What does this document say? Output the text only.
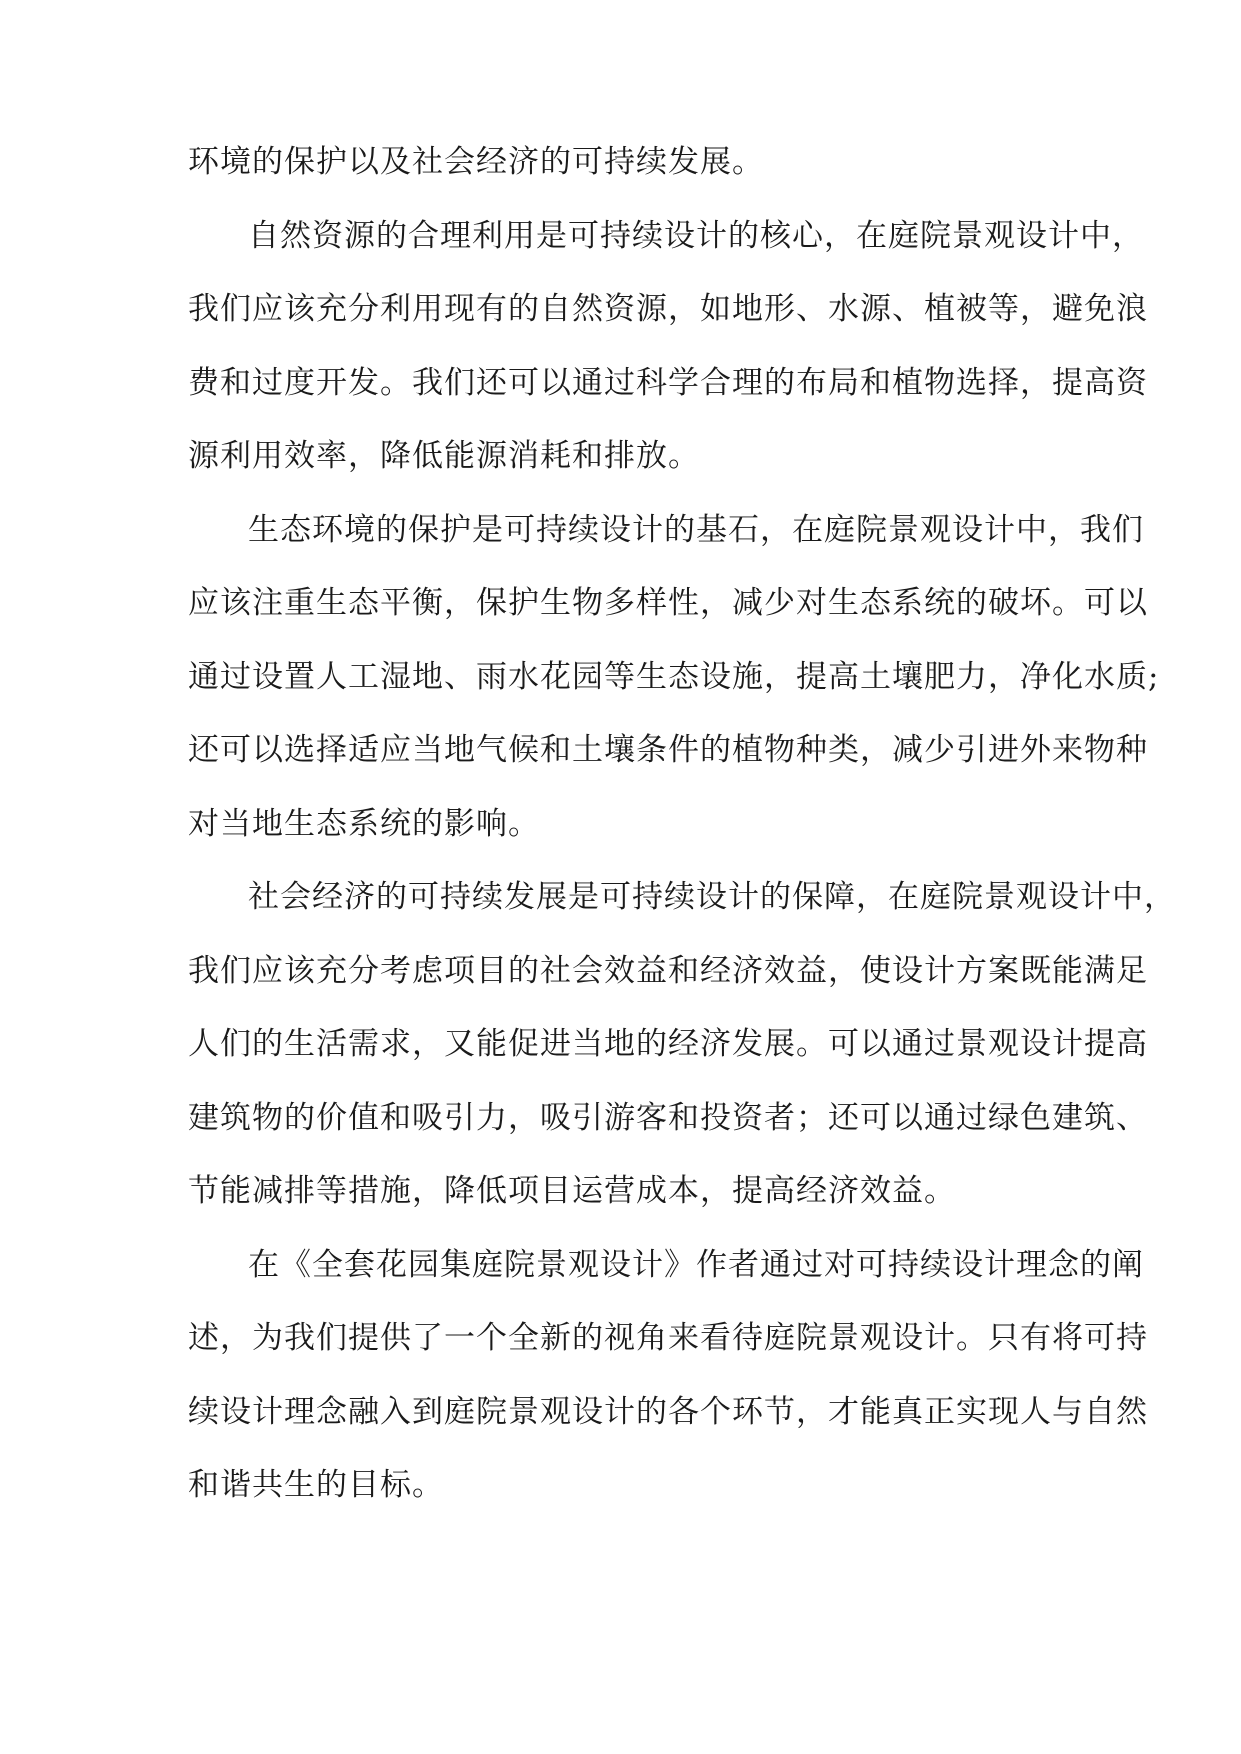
环境的保护以及社会经济的可持续发展。
自然资源的合理利用是可持续设计的核心，在庭院景观设计中，
我们应该充分利用现有的自然资源，如地形、水源、植被等，避免浪
费和过度开发。我们还可以通过科学合理的布局和植物选择，提高资
源利用效率，降低能源消耗和排放。
生态环境的保护是可持续设计的基石，在庭院景观设计中，我们
应该注重生态平衡，保护生物多样性，减少对生态系统的破坏。可以
通过设置人工湿地、雨水花园等生态设施，提高土壤肥力，净化水质;
还可以选择适应当地气候和土壤条件的植物种类，减少引进外来物种
对当地生态系统的影响。
社会经济的可持续发展是可持续设计的保障，在庭院景观设计中，
我们应该充分考虑项目的社会效益和经济效益，使设计方案既能满足
人们的生活需求，又能促进当地的经济发展。可以通过景观设计提高
建筑物的价值和吸引力，吸引游客和投资者；还可以通过绿色建筑、
节能减排等措施，降低项目运营成本，提高经济效益。
在《全套花园集庭院景观设计》作者通过对可持续设计理念的阐
述，为我们提供了一个全新的视角来看待庭院景观设计。只有将可持
续设计理念融入到庭院景观设计的各个环节，才能真正实现人与自然
和谐共生的目标。
